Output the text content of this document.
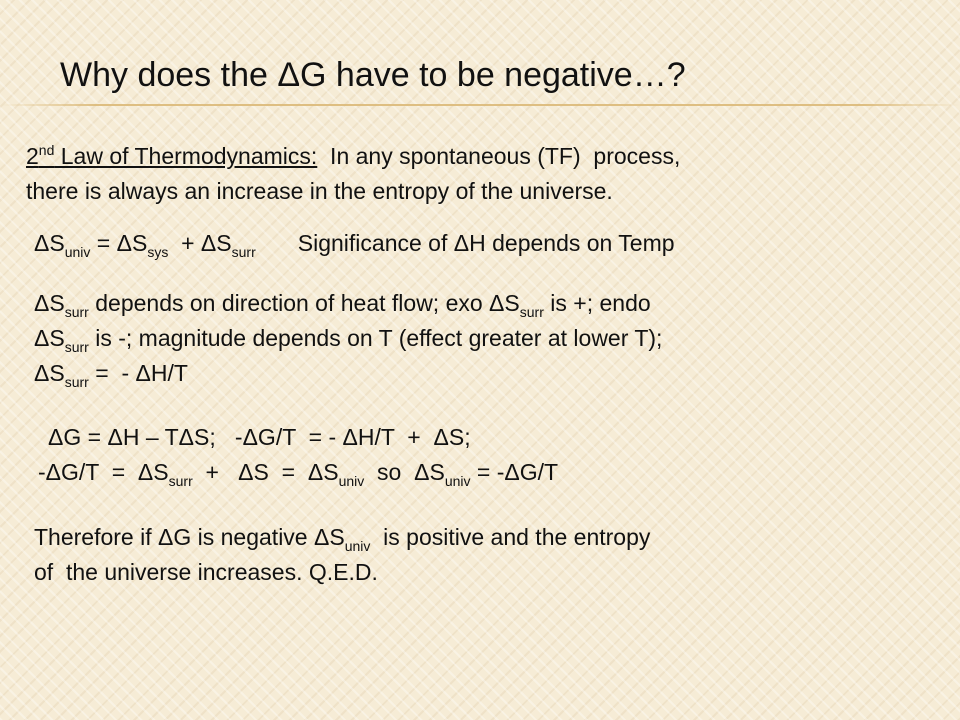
Why does the ΔG have to be negative…?
2nd Law of Thermodynamics:  In any spontaneous (TF)  process,
there is always an increase in the entropy of the universe.
$\Delta S_{univ} = \Delta S_{sys} + \Delta S_{surr}$ Significance of ΔH depends on Temp
$\Delta S_{surr}$ depends on direction of heat flow; exo $\Delta S_{surr}$ is +; endo
$\Delta S_{surr}$ is -; magnitude depends on T (effect greater at lower T);
$\Delta S_{surr}$ =  - ΔH/T
ΔG = ΔH – TΔS;   -ΔG/T  = - ΔH/T  +  ΔS;
$-\Delta G/T = \Delta S_{surr} + \Delta S = \Delta S_{univ}$  so  $\Delta S_{univ} = -\Delta G/T$
Therefore if ΔG is negative $\Delta S_{univ}$  is positive and the entropy
of  the universe increases. Q.E.D.
